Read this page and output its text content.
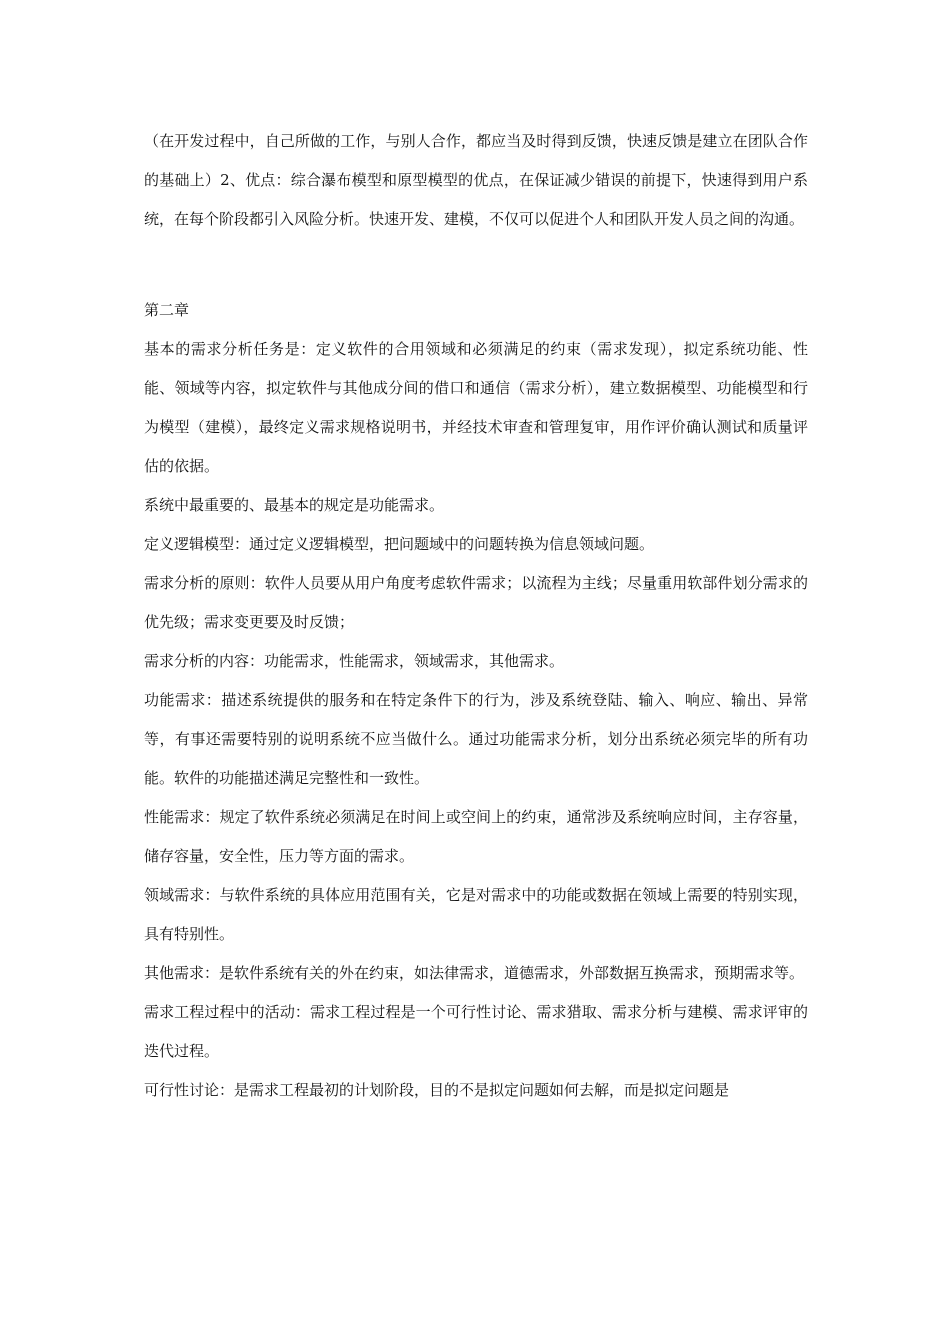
（在开发过程中，自己所做的工作，与别人合作，都应当及时得到反馈，快速反馈是建立在团队合作的基础上）2、优点：综合瀑布模型和原型模型的优点，在保证减少错误的前提下，快速得到用户系统，在每个阶段都引入风险分析。快速开发、建模，不仅可以促进个人和团队开发人员之间的沟通。

第二章

基本的需求分析任务是：定义软件的合用领域和必须满足的约束（需求发现），拟定系统功能、性能、领域等内容，拟定软件与其他成分间的借口和通信（需求分析），建立数据模型、功能模型和行为模型（建模），最终定义需求规格说明书，并经技术审查和管理复审，用作评价确认测试和质量评估的依据。

系统中最重要的、最基本的规定是功能需求。

定义逻辑模型：通过定义逻辑模型，把问题域中的问题转换为信息领域问题。

需求分析的原则：软件人员要从用户角度考虑软件需求；以流程为主线；尽量重用软部件划分需求的优先级；需求变更要及时反馈；

需求分析的内容：功能需求，性能需求，领域需求，其他需求。

功能需求：描述系统提供的服务和在特定条件下的行为，涉及系统登陆、输入、响应、输出、异常等，有事还需要特别的说明系统不应当做什么。通过功能需求分析，划分出系统必须完毕的所有功能。软件的功能描述满足完整性和一致性。

性能需求：规定了软件系统必须满足在时间上或空间上的约束，通常涉及系统响应时间，主存容量，储存容量，安全性，压力等方面的需求。

领域需求：与软件系统的具体应用范围有关，它是对需求中的功能或数据在领域上需要的特别实现，具有特别性。

其他需求：是软件系统有关的外在约束，如法律需求，道德需求，外部数据互换需求，预期需求等。

需求工程过程中的活动：需求工程过程是一个可行性讨论、需求猎取、需求分析与建模、需求评审的迭代过程。

可行性讨论：是需求工程最初的计划阶段，目的不是拟定问题如何去解，而是拟定问题是
